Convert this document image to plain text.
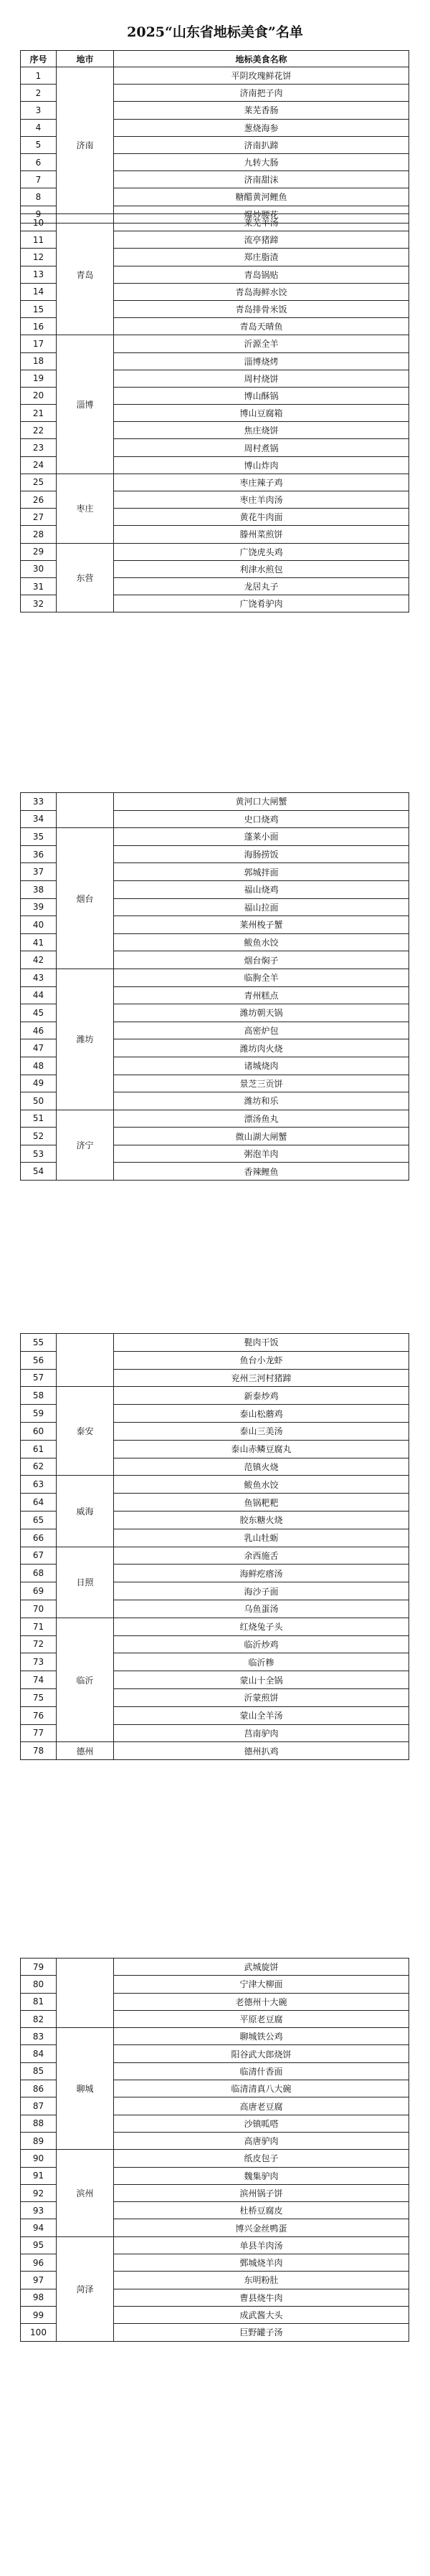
2025“山东省地标美食”名单
序号	地市	地标美食名称
1	济南	平阴玫瑰鲜花饼
2		济南把子肉
3		莱芜香肠
4		葱烧海参
5		济南扒蹄
6		九转大肠
7		济南甜沫
8		糖醋黄河鲤鱼
9		爆炒腰花
10	青岛	莱芜羊汤
11		流亭猪蹄
12		郑庄脂渣
13		青岛锅贴
14		青岛海鲜水饺
15		青岛排骨米饭
16		青岛天晴鱼
17	淄博	沂源全羊
18		淄博烧烤
19		周村烧饼
20		博山酥锅
21		博山豆腐箱
22		焦庄烧饼
23		周村煮锅
24		博山炸肉
25	枣庄	枣庄辣子鸡
26		枣庄羊肉汤
27		黄花牛肉面
28		滕州菜煎饼
29	东营	广饶虎头鸡
30		利津水煎包
31		龙居丸子
32		广饶肴驴肉
33		黄河口大闸蟹
34		史口烧鸡
35	烟台	蓬莱小面
36		海肠捞饭
37		郭城拌面
38		福山烧鸡
39		福山拉面
40		莱州梭子蟹
41		鲅鱼水饺
42		烟台焖子
43	潍坊	临朐全羊
44		青州糕点
45		潍坊朝天锅
46		高密炉包
47		潍坊肉火烧
48		诸城烧肉
49		景芝三贡饼
50		潍坊和乐
51	济宁	漂汤鱼丸
52		微山湖大闸蟹
53		粥泡羊肉
54		香辣鲤鱼
55		甏肉干饭
56		鱼台小龙虾
57		兖州三河村猪蹄
58	泰安	新泰炒鸡
59		泰山松蘑鸡
60		泰山三美汤
61		泰山赤鳞豆腐丸
62		范镇火烧
63	威海	鲅鱼水饺
64		鱼锅粑粑
65		胶东糖火烧
66		乳山牡蛎
67	日照	余西施舌
68		海鲜疙瘩汤
69		海沙子面
70		乌鱼蛋汤
71	临沂	红烧兔子头
72		临沂炒鸡
73		临沂糁
74		蒙山十全锅
75		沂蒙煎饼
76		蒙山全羊汤
77		莒南驴肉
78	德州	德州扒鸡
79		武城旋饼
80		宁津大柳面
81		老德州十大碗
82		平原老豆腐
83	聊城	聊城铁公鸡
84		阳谷武大郎烧饼
85		临清什香面
86		临清清真八大碗
87		高唐老豆腐
88		沙镇呱嗒
89		高唐驴肉
90	滨州	纸皮包子
91		魏集驴肉
92		滨州锅子饼
93		杜桥豆腐皮
94		博兴金丝鸭蛋
95	菏泽	单县羊肉汤
96		鄄城烧羊肉
97		东明粉肚
98		曹县烧牛肉
99		成武酱大头
100		巨野罐子汤
